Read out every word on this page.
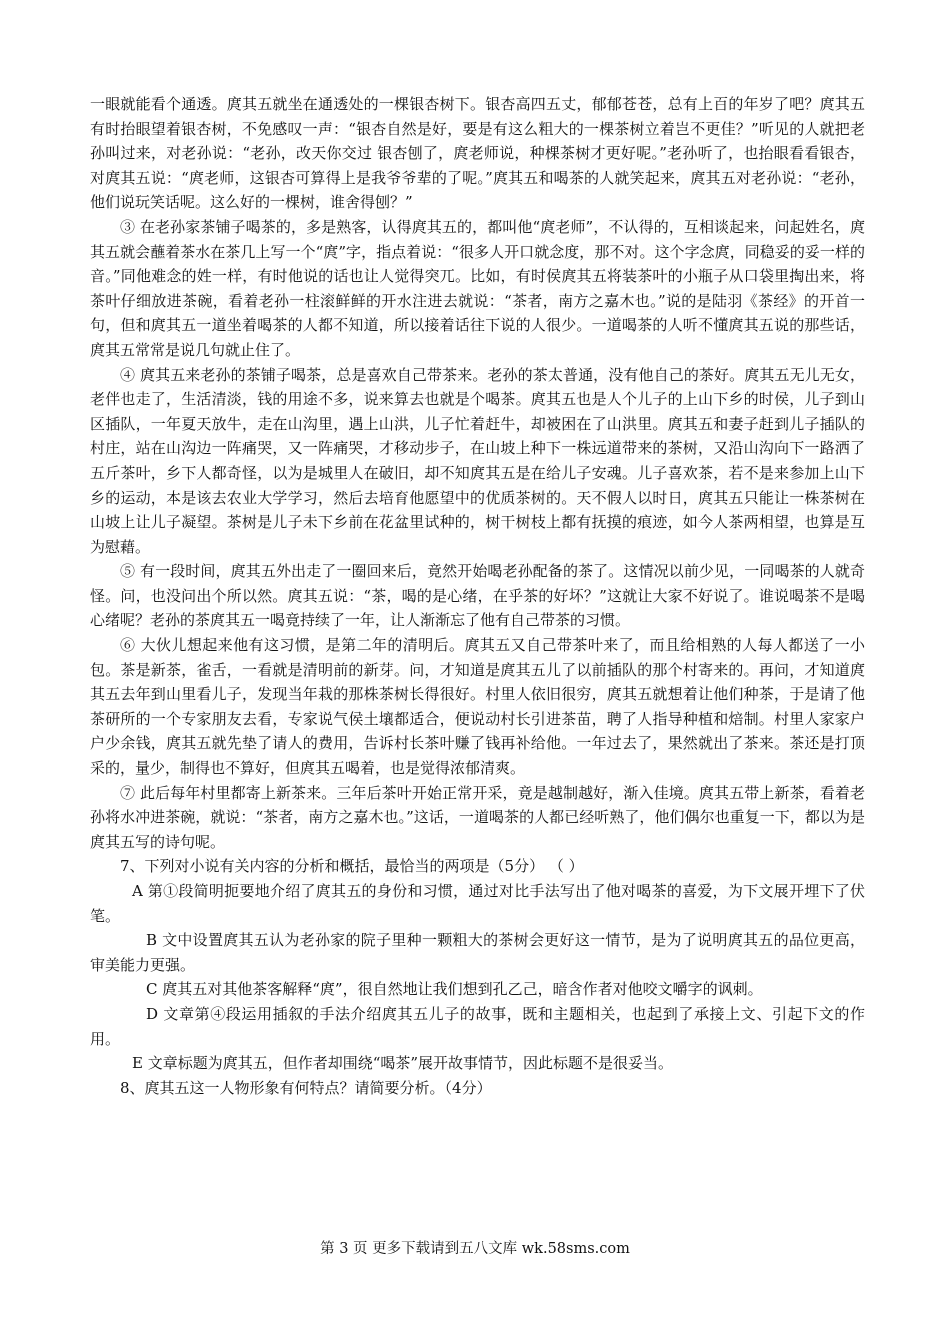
一眼就能看个通透。庹其五就坐在通透处的一棵银杏树下。银杏高四五丈，郁郁苍苍，总有上百的年岁了吧？庹其五有时抬眼望着银杏树，不免感叹一声：“银杏自然是好，要是有这么粗大的一棵茶树立着岂不更佳？”听见的人就把老孙叫过来，对老孙说：“老孙，改天你交过 银杏刨了，庹老师说，种棵茶树才更好呢。”老孙听了，也抬眼看看银杏，对庹其五说：“庹老师，这银杏可算得上是我爷爷辈的了呢。”庹其五和喝茶的人就笑起来，庹其五对老孙说：“老孙，他们说玩笑话呢。这么好的一棵树，谁舍得刨？”

③ 在老孙家茶铺子喝茶的，多是熟客，认得庹其五的，都叫他“庹老师”，不认得的，互相谈起来，问起姓名，庹其五就会蘸着茶水在茶几上写一个“庹”字，指点着说：“很多人开口就念度，那不对。这个字念庹，同稳妥的妥一样的音。”同他难念的姓一样，有时他说的话也让人觉得突兀。比如，有时侯庹其五将装茶叶的小瓶子从口袋里掏出来，将茶叶仔细放进茶碗，看着老孙一柱滚鲜鲜的开水注进去就说：“茶者，南方之嘉木也。”说的是陆羽《茶经》的开首一句，但和庹其五一道坐着喝茶的人都不知道，所以接着话往下说的人很少。一道喝茶的人听不懂庹其五说的那些话，庹其五常常是说几句就止住了。

④ 庹其五来老孙的茶铺子喝茶，总是喜欢自己带茶来。老孙的茶太普通，没有他自己的茶好。庹其五无儿无女，老伴也走了，生活清淡，钱的用途不多，说来算去也就是个喝茶。庹其五也是人个儿子的上山下乡的时侯，儿子到山区插队，一年夏天放牛，走在山沟里，遇上山洪，儿子忙着赶牛，却被困在了山洪里。庹其五和妻子赶到儿子插队的村庄，站在山沟边一阵痛哭，又一阵痛哭，才移动步子，在山坡上种下一株远道带来的茶树，又沿山沟向下一路洒了五斤茶叶，乡下人都奇怪，以为是城里人在破旧，却不知庹其五是在给儿子安魂。儿子喜欢茶，若不是来参加上山下乡的运动，本是该去农业大学学习，然后去培育他愿望中的优质茶树的。天不假人以时日，庹其五只能让一株茶树在山坡上让儿子凝望。茶树是儿子未下乡前在花盆里试种的，树干树枝上都有抚摸的痕迹，如今人茶两相望，也算是互为慰藉。

⑤ 有一段时间，庹其五外出走了一圈回来后，竟然开始喝老孙配备的茶了。这情况以前少见，一同喝茶的人就奇怪。问，也没问出个所以然。庹其五说：“茶，喝的是心绪，在乎茶的好坏？”这就让大家不好说了。谁说喝茶不是喝心绪呢？老孙的茶庹其五一喝竟持续了一年，让人渐渐忘了他有自己带茶的习惯。

⑥ 大伙儿想起来他有这习惯，是第二年的清明后。庹其五又自己带茶叶来了，而且给相熟的人每人都送了一小包。茶是新茶，雀舌，一看就是清明前的新芽。问，才知道是庹其五儿了以前插队的那个村寄来的。再问，才知道庹其五去年到山里看儿子，发现当年栽的那株茶树长得很好。村里人依旧很穷，庹其五就想着让他们种茶，于是请了他茶研所的一个专家朋友去看，专家说气侯土壤都适合，便说动村长引进茶苗，聘了人指导种植和焙制。村里人家家户户少余钱，庹其五就先垫了请人的费用，告诉村长茶叶赚了钱再补给他。一年过去了，果然就出了茶来。茶还是打顶采的，量少，制得也不算好，但庹其五喝着，也是觉得浓郁清爽。

⑦ 此后每年村里都寄上新茶来。三年后茶叶开始正常开采，竟是越制越好，渐入佳境。庹其五带上新茶，看着老孙将水冲进茶碗，就说：“茶者，南方之嘉木也。”这话，一道喝茶的人都已经听熟了，他们偶尔也重复一下，都以为是庹其五写的诗句呢。

7、下列对小说有关内容的分析和概括，最恰当的两项是（5分） （ ）

A 第①段简明扼要地介绍了庹其五的身份和习惯，通过对比手法写出了他对喝茶的喜爱，为下文展开埋下了伏笔。

B 文中设置庹其五认为老孙家的院子里种一颗粗大的茶树会更好这一情节，是为了说明庹其五的品位更高，审美能力更强。

C 庹其五对其他茶客解释“庹”，很自然地让我们想到孔乙己，暗含作者对他咬文嚼字的讽刺。

D 文章第④段运用插叙的手法介绍庹其五儿子的故事，既和主题相关，也起到了承接上文、引起下文的作用。

E 文章标题为庹其五，但作者却围绕“喝茶”展开故事情节，因此标题不是很妥当。

8、庹其五这一人物形象有何特点？请简要分析。（4分）

第 3 页 更多下载请到五八文库 wk.58sms.com
